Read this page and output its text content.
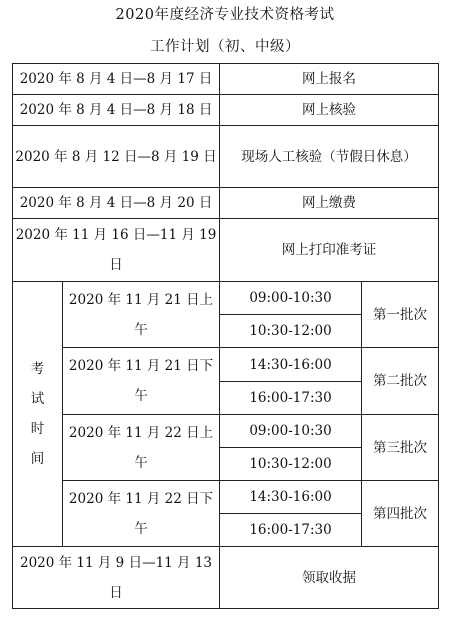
2020年度经济专业技术资格考试
工作计划（初、中级）
2020 年 8 月 4 日—8 月 17 日		网上报名	
2020 年 8 月 4 日—8 月 18 日		网上核验	
2020 年 8 月 12 日—8 月 19 日		现场人工核验（节假日休息）	
2020 年 8 月 4 日—8 月 20 日		网上缴费	
2020 年 11 月 16 日—11 月 19 日		网上打印准考证	

考
试
时
间	2020 年 11 月 21 日上午	09:00-10:30	第一批次
		10:30-12:00	
	2020 年 11 月 21 日下午	14:30-16:00	第二批次
		16:00-17:30	
	2020 年 11 月 22 日上午	09:00-10:30	第三批次
		10:30-12:00	
	2020 年 11 月 22 日下午	14:30-16:00	第四批次
		16:00-17:30	
2020 年 11 月 9 日—11 月 13 日		领取收据	
